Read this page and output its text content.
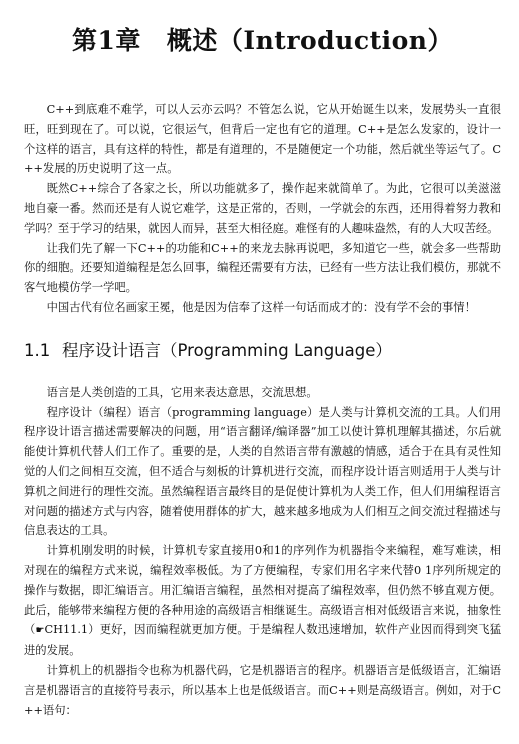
第1章 概述（Introduction）

C++到底难不难学，可以人云亦云吗？不管怎么说，它从开始诞生以来，发展势头一直很旺，旺到现在了。可以说，它很运气，但背后一定也有它的道理。C++是怎么发家的，设计一个这样的语言，具有这样的特性，都是有道理的，不是随便定一个功能，然后就坐等运气了。C++发展的历史说明了这一点。

既然C++综合了各家之长，所以功能就多了，操作起来就简单了。为此，它很可以美滋滋地自豪一番。然而还是有人说它难学，这是正常的，否则，一学就会的东西，还用得着努力教和学吗？至于学习的结果，就因人而异，甚至大相径庭。难怪有的人趣味盎然，有的人大叹苦经。

让我们先了解一下C++的功能和C++的来龙去脉再说吧，多知道它一些，就会多一些帮助你的细胞。还要知道编程是怎么回事，编程还需要有方法，已经有一些方法让我们模仿，那就不客气地模仿学一学吧。

中国古代有位名画家王冕，他是因为信奉了这样一句话而成才的：没有学不会的事情！

1.1 程序设计语言（Programming Language）

语言是人类创造的工具，它用来表达意思，交流思想。

程序设计（编程）语言（programming language）是人类与计算机交流的工具。人们用程序设计语言描述需要解决的问题，用“语言翻译/编译器”加工以使计算机理解其描述，尔后就能使计算机代替人们工作了。重要的是，人类的自然语言带有激越的情感，适合于在具有灵性知觉的人们之间相互交流，但不适合与刻板的计算机进行交流，而程序设计语言则适用于人类与计算机之间进行的理性交流。虽然编程语言最终目的是促使计算机为人类工作，但人们用编程语言对问题的描述方式与内容，随着使用群体的扩大，越来越多地成为人们相互之间交流过程描述与信息表达的工具。

计算机刚发明的时候，计算机专家直接用0和1的序列作为机器指令来编程，难写难读，相对现在的编程方式来说，编程效率极低。为了方便编程，专家们用名字来代替0 1序列所规定的操作与数据，即汇编语言。用汇编语言编程，虽然相对提高了编程效率，但仍然不够直观方便。此后，能够带来编程方便的各种用途的高级语言相继诞生。高级语言相对低级语言来说，抽象性（☛CH11.1）更好，因而编程就更加方便。于是编程人数迅速增加，软件产业因而得到突飞猛进的发展。

计算机上的机器指令也称为机器代码，它是机器语言的程序。机器语言是低级语言，汇编语言是机器语言的直接符号表示，所以基本上也是低级语言。而C++则是高级语言。例如，对于C++语句：
